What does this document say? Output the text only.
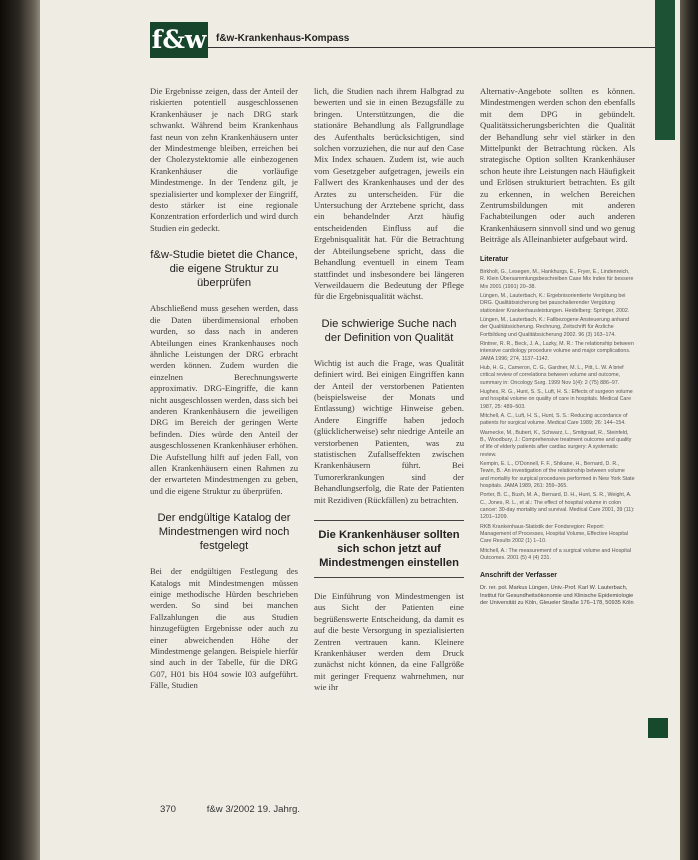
f&w f&w-Krankenhaus-Kompass

Die Ergebnisse zeigen, dass der Anteil der riskierten potentiell ausgeschlossenen Krankenhäuser je nach DRG stark schwankt. Während beim Krankenhaus fast neun von zehn Krankenhäusern unter der Mindestmenge bleiben, erreichen bei der Cholezystektomie alle einbezogenen Krankenhäuser die vorläufige Mindestmenge. In der Tendenz gilt, je spezialisierter und komplexer der Eingriff, desto stärker ist eine regionale Konzentration erforderlich und wird durch Studien ein gedeckt.

f&w-Studie bietet die Chance, die eigene Struktur zu überprüfen

Abschließend muss gesehen werden, dass die Daten überdimensional erhoben wurden, so dass nach in anderen Abteilungen eines Krankenhauses noch ähnliche Leistungen der DRG erbracht werden können. Zudem wurden die einzelnen Berechnungswerte approximativ. DRG-Eingriffe, die kann nicht ausgeschlossen werden, dass sich bei anderen Krankenhäusern die jeweiligen DRG im Bereich der geringen Werte befinden. Dies würde den Anteil der ausgeschlossenen Krankenhäuser erhöhen. Die Aufstellung hilft auf jeden Fall, von allen Krankenhäusern einen Rahmen zu der erwarteten Mindestmengen zu geben, und die eigene Struktur zu überprüfen.

Der endgültige Katalog der Mindestmengen wird noch festgelegt

Bei der endgültigen Festlegung des Katalogs mit Mindestmengen müssen einige methodische Hürden beschrieben werden. So sind bei manchen Fallzahlungen die aus Studien hinzugefügten Ergebnisse oder auch zu einer abweichenden Höhe der Mindestmenge gelangen. Beispiele hierfür sind auch in der Tabelle, für die DRG G07, H01 bis H04 sowie I03 aufgeführt. Fälle, Studien

lich, die Studien nach ihrem Halbgrad zu bewerten und sie in einen Bezugsfälle zu bringen. Unterstützungen, die die stationäre Behandlung als Fallgrundlage des Aufenthalts berücksichtigen, sind solchen vorzuziehen, die nur auf den Case Mix Index schauen. Zudem ist, wie auch vom Gesetzgeber aufgetragen, jeweils ein Fallwert des Krankenhauses und der des Arztes zu unterscheiden. Für die Untersuchung der Arztebene spricht, dass ein behandelnder Arzt häufig entscheidenden Einfluss auf die Ergebnisqualität hat. Für die Betrachtung der Abteilungsebene spricht, dass die Behandlung eventuell in einem Team stattfindet und insbesondere bei längeren Verweildauern die Bedeutung der Pflege für die Ergebnisqualität wächst.

Die schwierige Suche nach der Definition von Qualität

Wichtig ist auch die Frage, was Qualität definiert wird. Bei einigen Eingriffen kann der Anteil der verstorbenen Patienten (beispielsweise der Monats und Entlassung) wichtige Hinweise geben. Andere Eingriffe haben jedoch (glücklicherweise) sehr niedrige Anteile an verstorbenen Patienten, was zu statistischen Zufallseffekten zwischen Krankenhäusern führt. Bei Tumorerkrankungen sind der Behandlungserfolg, die Rate der Patienten mit Rezidiven (Rückfällen) zu betrachten.

Die Krankenhäuser sollten sich schon jetzt auf Mindestmengen einstellen

Die Einführung von Mindestmengen ist aus Sicht der Patienten eine begrüßenswerte Entscheidung, da damit es auf die beste Versorgung in spezialisierten Zentren vertrauen kann. Kleinere Krankenhäuser werden dem Druck zunächst nicht können, da eine Fallgröße mit geringer Frequenz wahrnehmen, nur wie ihr

Alternativ-Angebote sollten es können. Mindestmengen werden schon den ebenfalls mit dem DPG in gebündelt. Qualitätssicherungsberichten die Qualität der Behandlung sehr viel stärker in den Mittelpunkt der Betrachtung rücken. Als strategische Option sollten Krankenhäuser schon heute ihre Leistungen nach Häufigkeit und Erlösen strukturiert betrachten. Es gilt zu erkennen, in welchen Bereichen Zentrumsbildungen mit anderen Fachabteilungen oder auch anderen Krankenhäusern sinnvoll sind und wo genug Beiträge als Alleinanbieter aufgebaut wird.

Literatur
Birkholt, G., Lesegen, M., Hankhurgs, E., Fryer, E., Lindenreich, R. Klein Übersammlungsbeschreiben Case Mix Index für bessere Mix 2001 (1991) 20–38.
Lüngen, M., Lauterbach, K.: Ergebnisorientierte Vergütung bei DRG. Qualitätssicherung bei pauschalierender Vergütung stationärer Krankenhausleistungen. Heidelberg: Springer, 2002.
Lüngen, M., Lauterbach, K.: Fallbezogene Ansteuerung anhand der Qualitätssicherung. Rechnung, Zeitschrift für Arzliche Fortbildung und Qualitätssicherung 2002. 96 (3) 163–174.
Rintner, R. R., Beck, J. A., Luzky, M. R.: The relationship between intensive cardiology procedure volume and major complications. JAMA 1996; 274, 1137–1142.
Hub, H. G., Cameron, C. G., Gardner, M. L., Pitt, L. W. A brief critical review of correlations between volume and outcome, summary in: Oncology Surg. 1999 Nov 1(4): 2 (75) 886–97.
Hughes, R. G., Hunt, S. S., Luft, H. S.: Effects of surgeon volume and hospital volume on quality of care in hospitals. Medical Care 1987, 25: 489–503.
Mitchell, A. C., Luft, H. S., Hunt, S. S.: Reducing accordance of patients for surgical volume. Medical Care 1989; 26: 144–154.
Warnecke, M., Bubert, K., Schwarz, L., Smitgraaf, R., Steinfeld, B., Woodbury, J.: Comprehensive treatment outcome and quality of life of elderly patients after cardiac surgery: A systematic review.
Kempin, E. L., O'Donnell, F. F., Shikane, H., Bernard, D. R., Tewin, B.: An investigation of the relationship between volume and mortality for surgical procedures performed in New York State hospitals. JAMA 1989, 261: 359–365.
Porter, B. C., Bush, M. A., Bernard, D. H., Hunt, S. R., Weight, A. C., Jones, R. L., et al.: The effect of hospital volume in colon cancer: 30-day mortality and survival. Medical Care 2001, 39 (11): 1201–1209.
RKB Krankenhaus-Statistik der Fondsregion: Report: Management of Processes, Hospital Volume, Effective Hospital Care Results 2002 (1) 1–10.
Mitchell, A.: The measurement of a surgical volume and Hospital Outcomes. 2001 (5) 4 (4) 231.
Anschrift der Verfasser
Dr. rer. pol. Markus Lüngen, Univ.-Prof. Karl W. Lauterbach, Institut für Gesundheitsökonomie und Klinische Epidemiologie der Universität zu Köln, Gleueler Straße 176–178, 50935 Köln
370	f&w 3/2002 19. Jahrg.
